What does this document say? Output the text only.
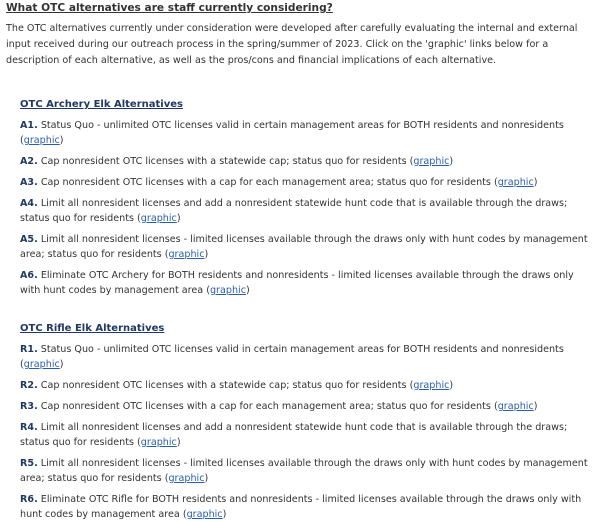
What OTC alternatives are staff currently considering?

The OTC alternatives currently under consideration were developed after carefully evaluating the internal and external input received during our outreach process in the spring/summer of 2023. Click on the 'graphic' links below for a description of each alternative, as well as the pros/cons and financial implications of each alternative.

OTC Archery Elk Alternatives
A1. Status Quo - unlimited OTC licenses valid in certain management areas for BOTH residents and nonresidents (graphic)
A2. Cap nonresident OTC licenses with a statewide cap; status quo for residents (graphic)
A3. Cap nonresident OTC licenses with a cap for each management area; status quo for residents (graphic)
A4. Limit all nonresident licenses and add a nonresident statewide hunt code that is available through the draws; status quo for residents (graphic)
A5. Limit all nonresident licenses - limited licenses available through the draws only with hunt codes by management area; status quo for residents (graphic)
A6. Eliminate OTC Archery for BOTH residents and nonresidents - limited licenses available through the draws only with hunt codes by management area (graphic)
OTC Rifle Elk Alternatives
R1. Status Quo - unlimited OTC licenses valid in certain management areas for BOTH residents and nonresidents (graphic)
R2. Cap nonresident OTC licenses with a statewide cap; status quo for residents (graphic)
R3. Cap nonresident OTC licenses with a cap for each management area; status quo for residents (graphic)
R4. Limit all nonresident licenses and add a nonresident statewide hunt code that is available through the draws; status quo for residents (graphic)
R5. Limit all nonresident licenses - limited licenses available through the draws only with hunt codes by management area; status quo for residents (graphic)
R6. Eliminate OTC Rifle for BOTH residents and nonresidents - limited licenses available through the draws only with hunt codes by management area (graphic)
